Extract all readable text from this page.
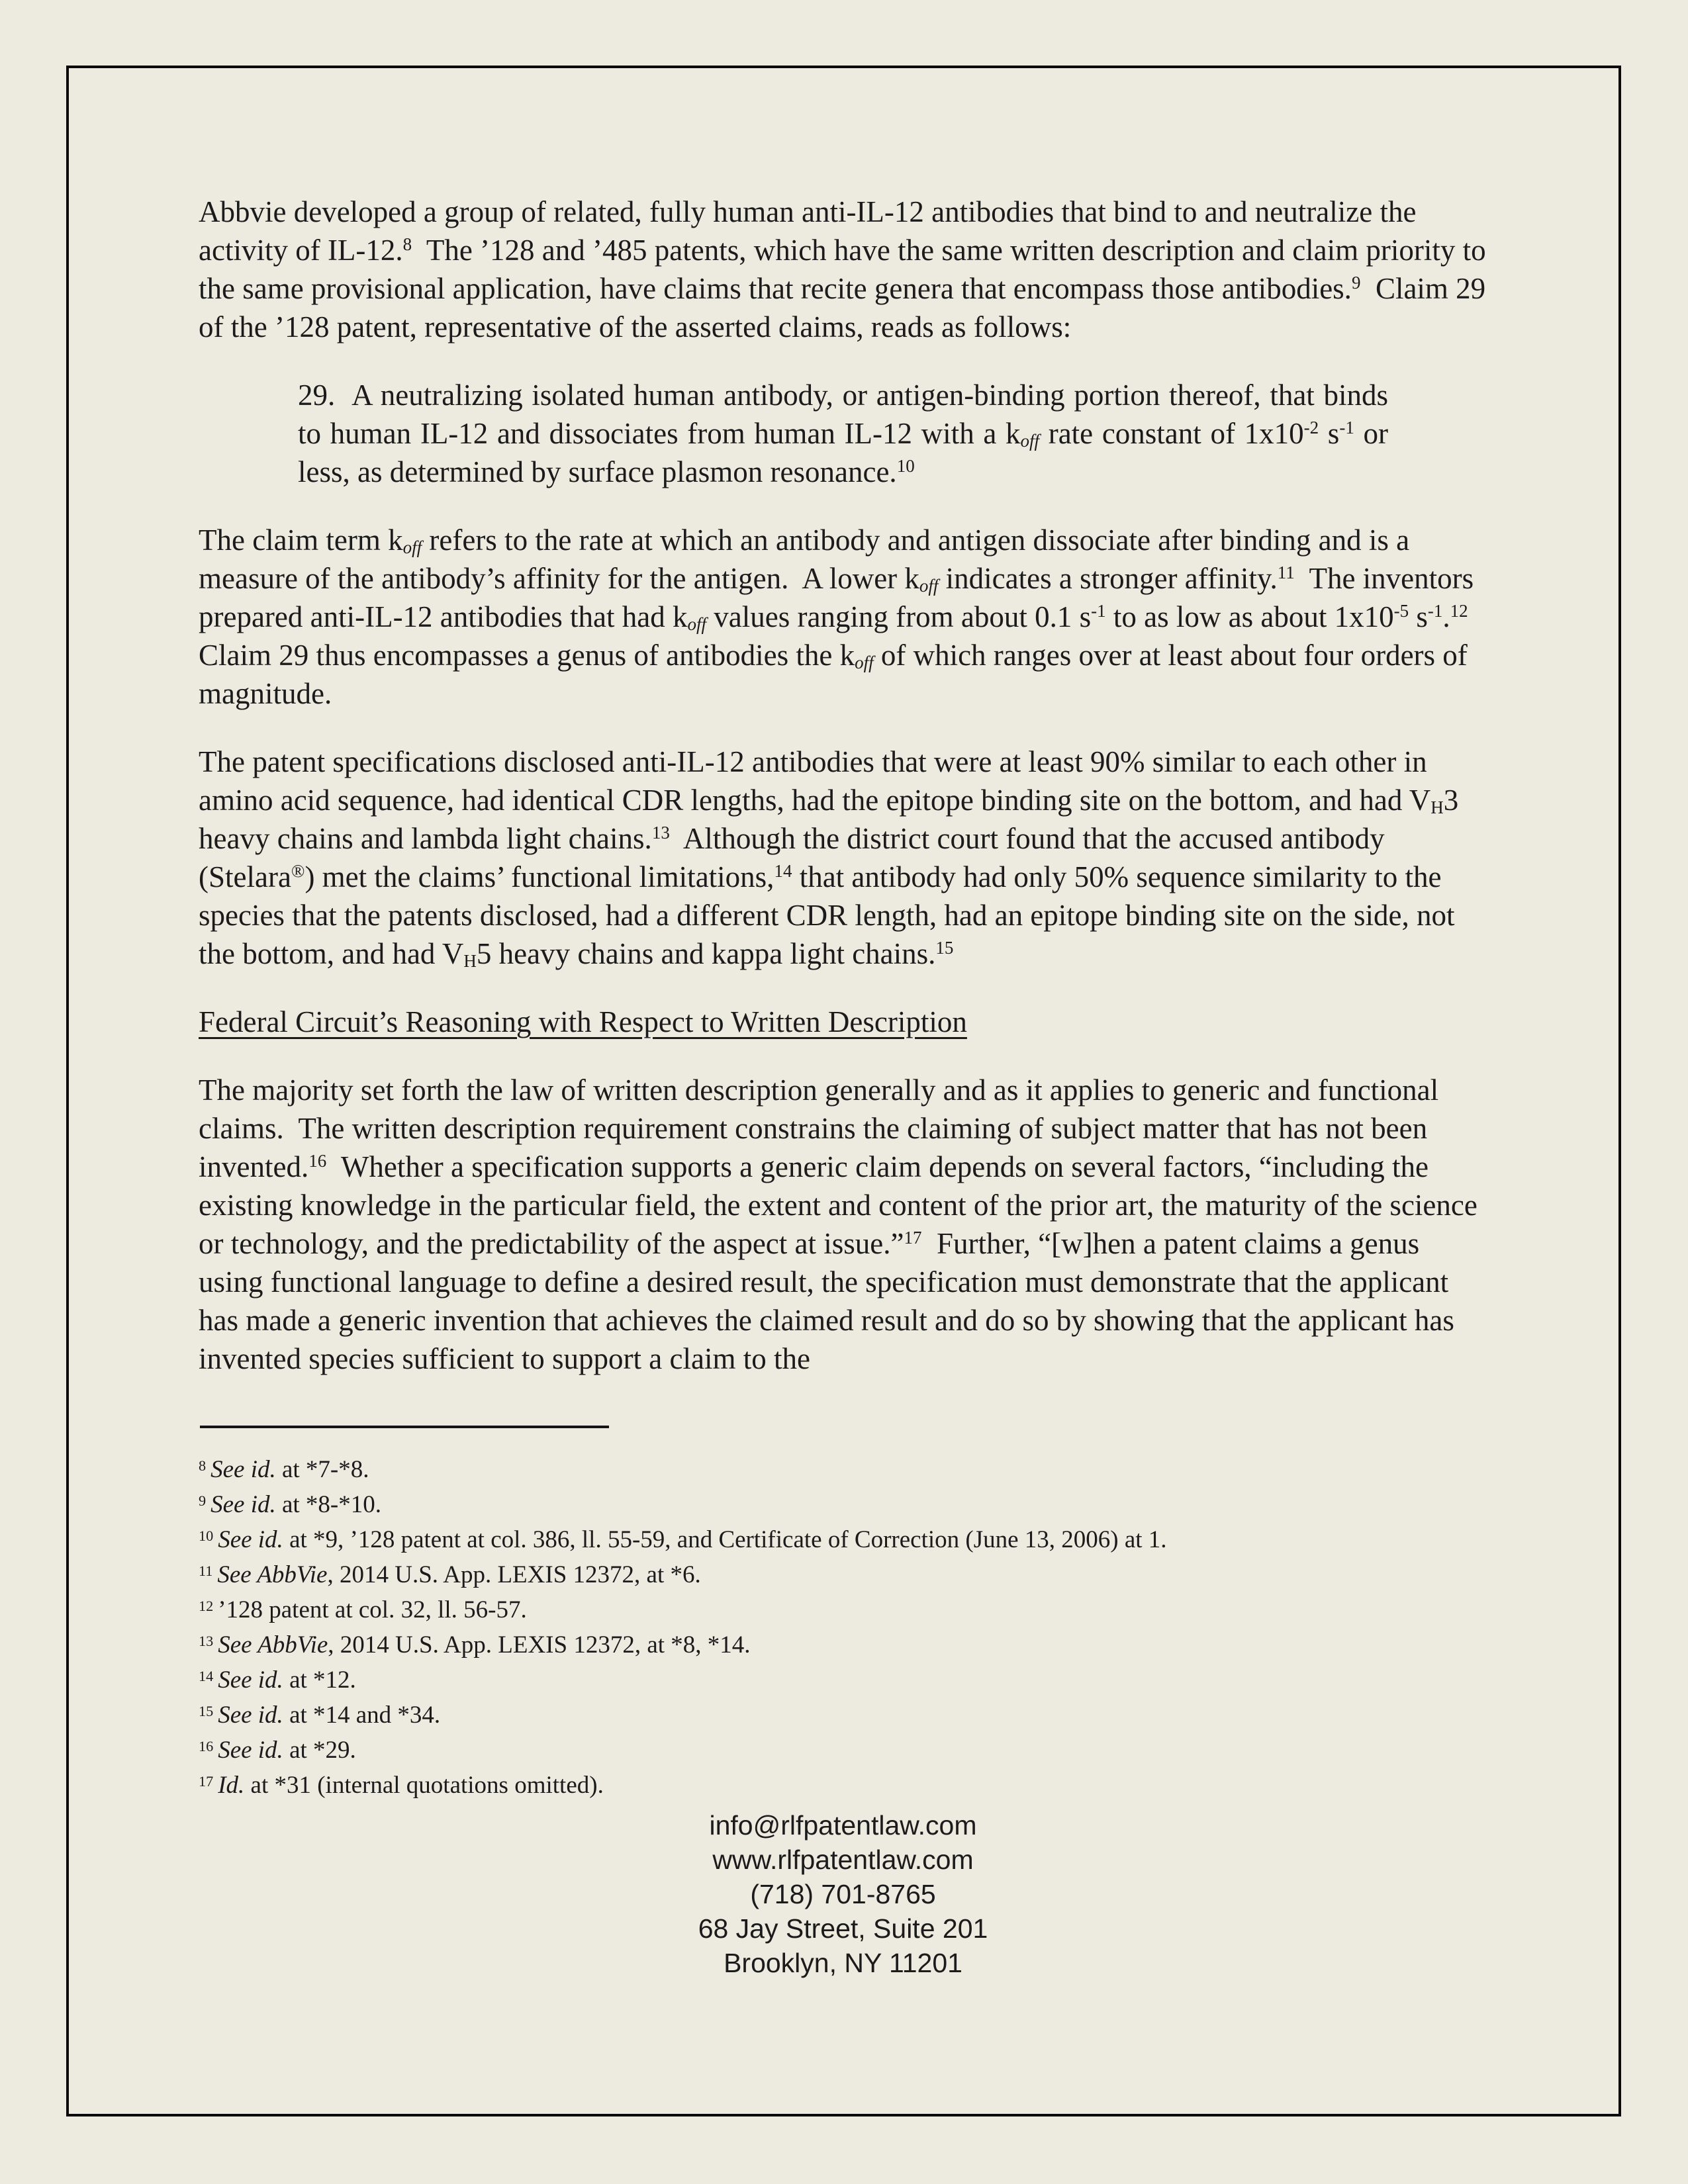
Abbvie developed a group of related, fully human anti-IL-12 antibodies that bind to and neutralize the activity of IL-12.$^8$  The ’128 and ’485 patents, which have the same written description and claim priority to the same provisional application, have claims that recite genera that encompass those antibodies.$^9$  Claim 29 of the ’128 patent, representative of the asserted claims, reads as follows:

29.  A neutralizing isolated human antibody, or antigen-binding portion thereof, that binds to human IL-12 and dissociates from human IL-12 with a $k_{off}$ rate constant of $1x10^{-2}$ $s^{-1}$ or less, as determined by surface plasmon resonance.$^{10}$

The claim term $k_{off}$ refers to the rate at which an antibody and antigen dissociate after binding and is a measure of the antibody’s affinity for the antigen.  A lower $k_{off}$ indicates a stronger affinity.$^{11}$  The inventors prepared anti-IL-12 antibodies that had $k_{off}$ values ranging from about 0.1 $s^{-1}$ to as low as about $1x10^{-5}$ $s^{-1}.^{12}$  Claim 29 thus encompasses a genus of antibodies the $k_{off}$ of which ranges over at least about four orders of magnitude.

The patent specifications disclosed anti-IL-12 antibodies that were at least 90% similar to each other in amino acid sequence, had identical CDR lengths, had the epitope binding site on the bottom, and had $V_H3$ heavy chains and lambda light chains.$^{13}$  Although the district court found that the accused antibody (Stelara®) met the claims’ functional limitations,$^{14}$ that antibody had only 50% sequence similarity to the species that the patents disclosed, had a different CDR length, had an epitope binding site on the side, not the bottom, and had $V_H5$ heavy chains and kappa light chains.$^{15}$

Federal Circuit’s Reasoning with Respect to Written Description

The majority set forth the law of written description generally and as it applies to generic and functional claims.  The written description requirement constrains the claiming of subject matter that has not been invented.$^{16}$  Whether a specification supports a generic claim depends on several factors, “including the existing knowledge in the particular field, the extent and content of the prior art, the maturity of the science or technology, and the predictability of the aspect at issue.”$^{17}$  Further, “[w]hen a patent claims a genus using functional language to define a desired result, the specification must demonstrate that the applicant has made a generic invention that achieves the claimed result and do so by showing that the applicant has invented species sufficient to support a claim to the

$^8$ See id. at *7-*8.
$^9$ See id. at *8-*10.
$^{10}$ See id. at *9, ’128 patent at col. 386, ll. 55-59, and Certificate of Correction (June 13, 2006) at 1.
$^{11}$ See AbbVie, 2014 U.S. App. LEXIS 12372, at *6.
$^{12}$ ’128 patent at col. 32, ll. 56-57.
$^{13}$ See AbbVie, 2014 U.S. App. LEXIS 12372, at *8, *14.
$^{14}$ See id. at *12.
$^{15}$ See id. at *14 and *34.
$^{16}$ See id. at *29.
$^{17}$ Id. at *31 (internal quotations omitted).
info@rlfpatentlaw.com
www.rlfpatentlaw.com
(718) 701-8765
68 Jay Street, Suite 201
Brooklyn, NY 11201
